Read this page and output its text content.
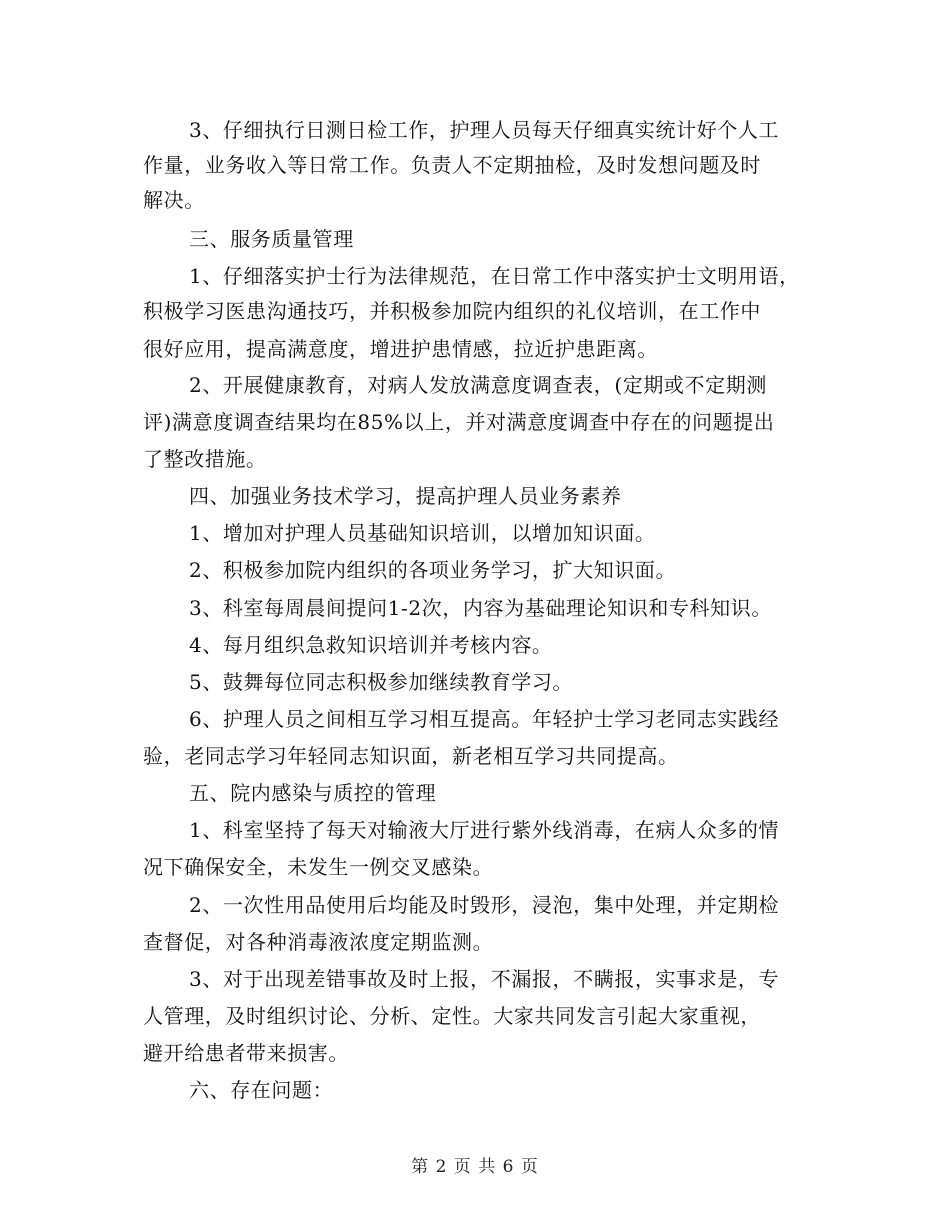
3、仔细执行日测日检工作，护理人员每天仔细真实统计好个人工
作量，业务收入等日常工作。负责人不定期抽检，及时发想问题及时
解决。
三、服务质量管理
1、仔细落实护士行为法律规范，在日常工作中落实护士文明用语，
积极学习医患沟通技巧，并积极参加院内组织的礼仪培训，在工作中
很好应用，提高满意度，增进护患情感，拉近护患距离。
2、开展健康教育，对病人发放满意度调查表，(定期或不定期测
评)满意度调查结果均在85%以上，并对满意度调查中存在的问题提出
了整改措施。
四、加强业务技术学习，提高护理人员业务素养
1、增加对护理人员基础知识培训，以增加知识面。
2、积极参加院内组织的各项业务学习，扩大知识面。
3、科室每周晨间提问1-2次，内容为基础理论知识和专科知识。
4、每月组织急救知识培训并考核内容。
5、鼓舞每位同志积极参加继续教育学习。
6、护理人员之间相互学习相互提高。年轻护士学习老同志实践经
验，老同志学习年轻同志知识面，新老相互学习共同提高。
五、院内感染与质控的管理
1、科室坚持了每天对输液大厅进行紫外线消毒，在病人众多的情
况下确保安全，未发生一例交叉感染。
2、一次性用品使用后均能及时毁形，浸泡，集中处理，并定期检
查督促，对各种消毒液浓度定期监测。
3、对于出现差错事故及时上报，不漏报，不瞒报，实事求是，专
人管理，及时组织讨论、分析、定性。大家共同发言引起大家重视，
避开给患者带来损害。
六、存在问题：
第 2 页 共 6 页
